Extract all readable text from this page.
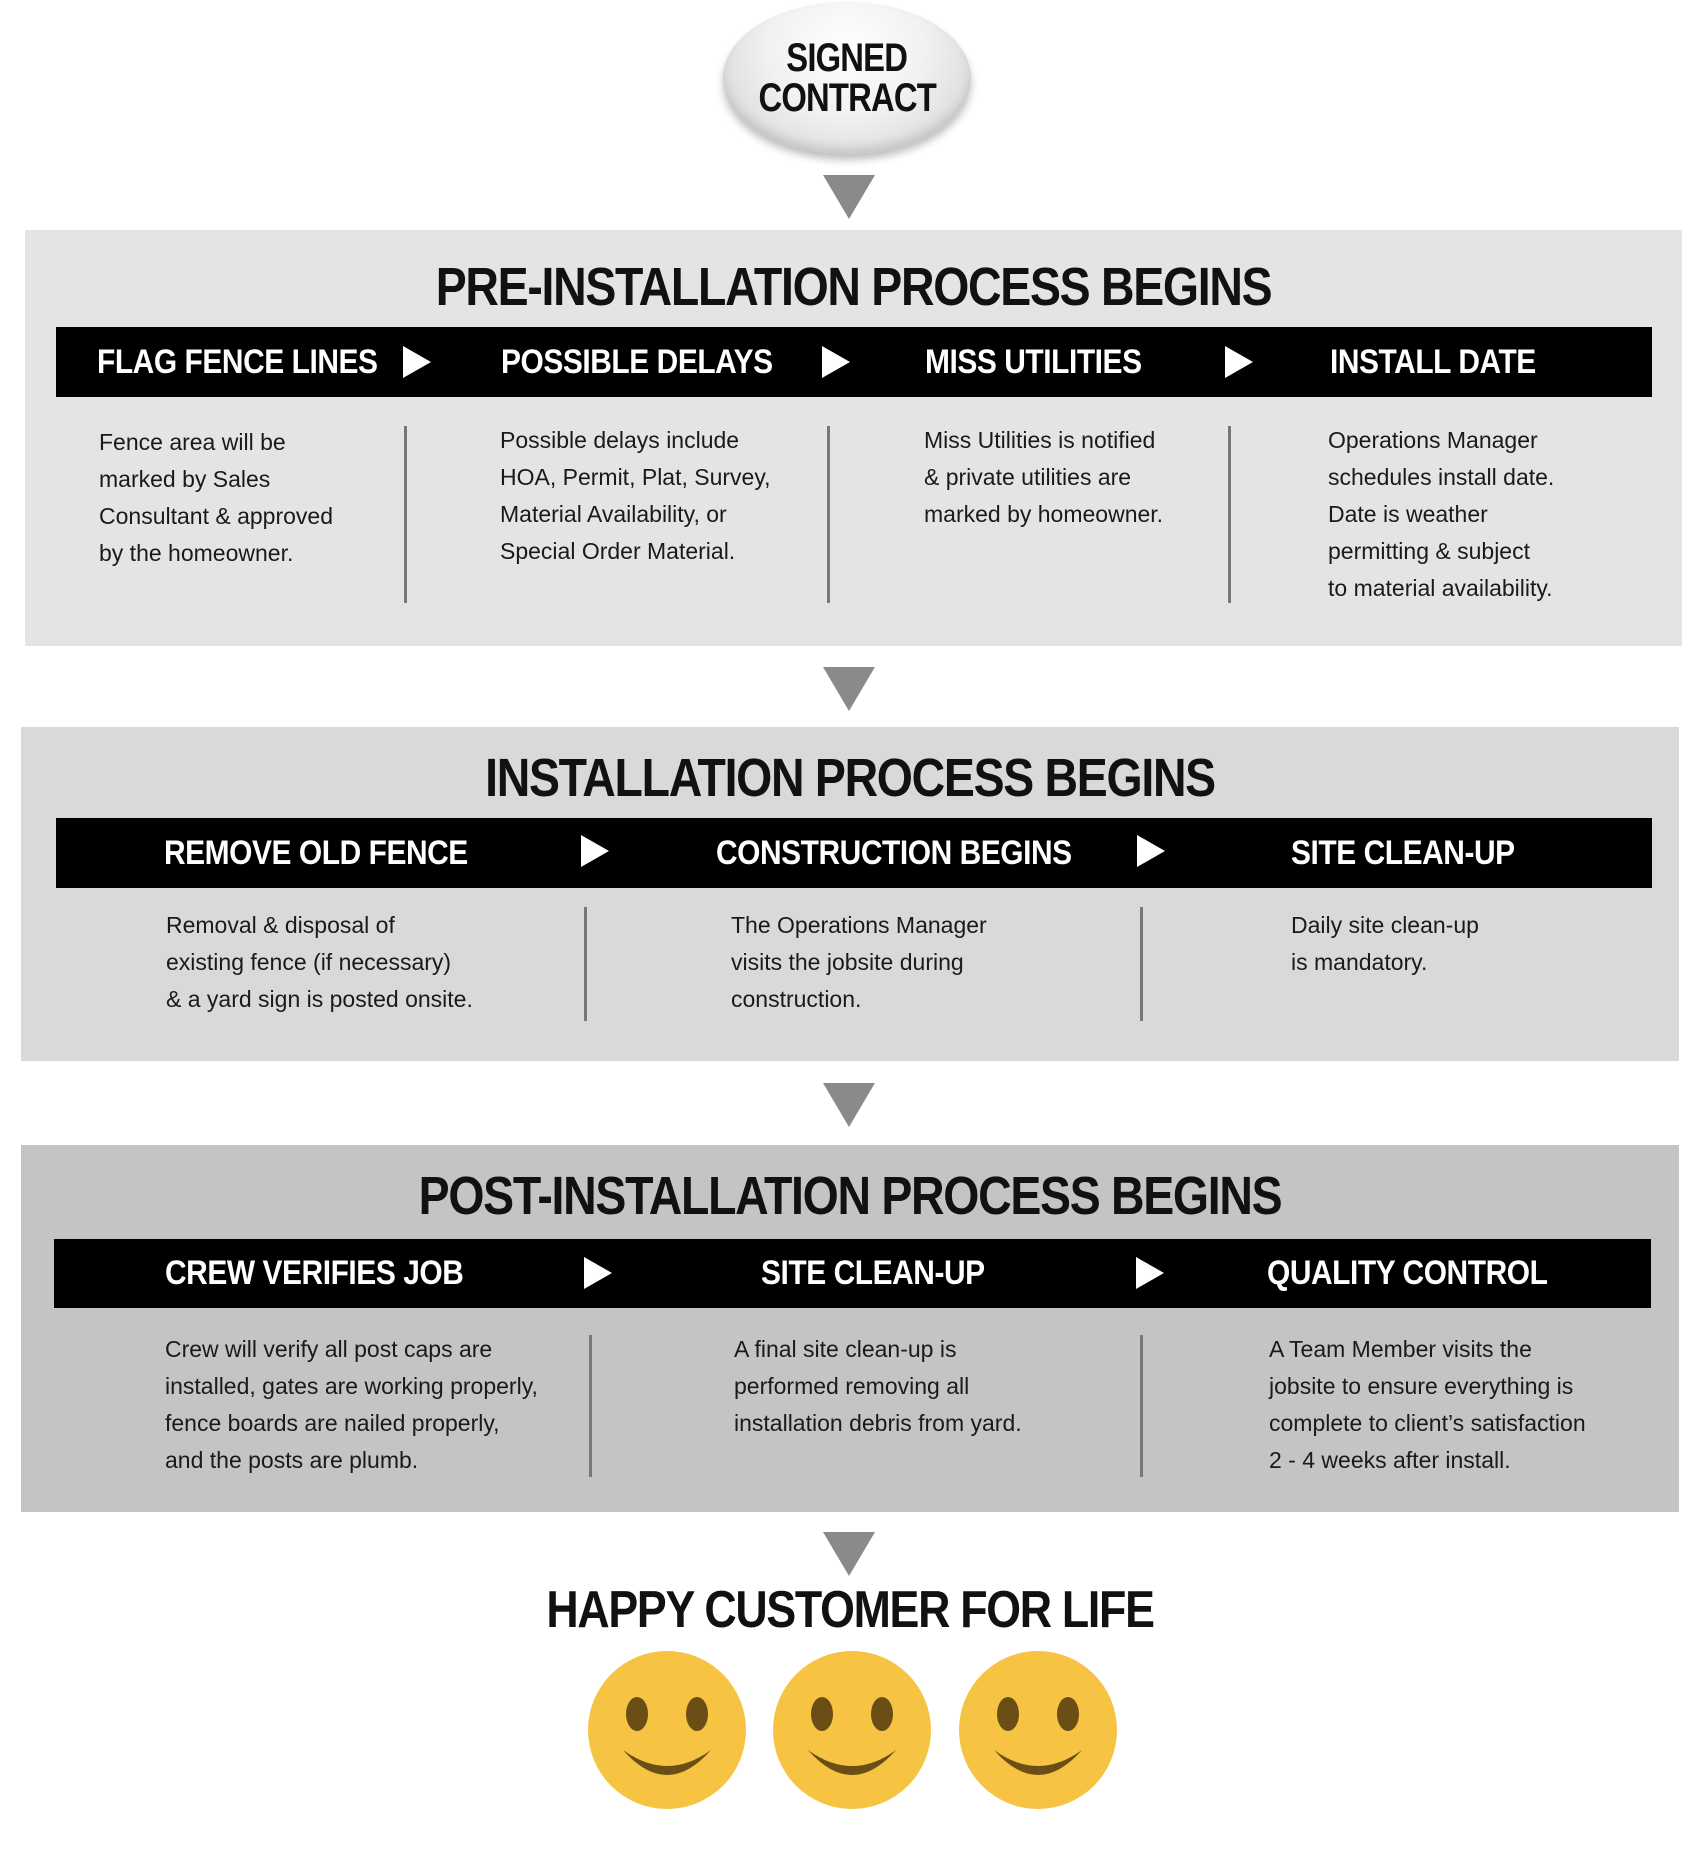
SIGNED
CONTRACT
PRE-INSTALLATION PROCESS BEGINS
FLAG FENCE LINES	POSSIBLE DELAYS	MISS UTILITIES	INSTALL DATE
Fence area will be
marked by Sales
Consultant & approved
by the homeowner.
Possible delays include
HOA, Permit, Plat, Survey,
Material Availability, or
Special Order Material.
Miss Utilities is notified
& private utilities are
marked by homeowner.
Operations Manager
schedules install date.
Date is weather
permitting & subject
to material availability.
INSTALLATION PROCESS BEGINS
REMOVE OLD FENCE	CONSTRUCTION BEGINS	SITE CLEAN-UP
Removal & disposal of
existing fence (if necessary)
& a yard sign is posted onsite.
The Operations Manager
visits the jobsite during
construction.
Daily site clean-up
is mandatory.
POST-INSTALLATION PROCESS BEGINS
CREW VERIFIES JOB	SITE CLEAN-UP	QUALITY CONTROL
Crew will verify all post caps are
installed, gates are working properly,
fence boards are nailed properly,
and the posts are plumb.
A final site clean-up is
performed removing all
installation debris from yard.
A Team Member visits the
jobsite to ensure everything is
complete to client’s satisfaction
2 - 4 weeks after install.
HAPPY CUSTOMER FOR LIFE
